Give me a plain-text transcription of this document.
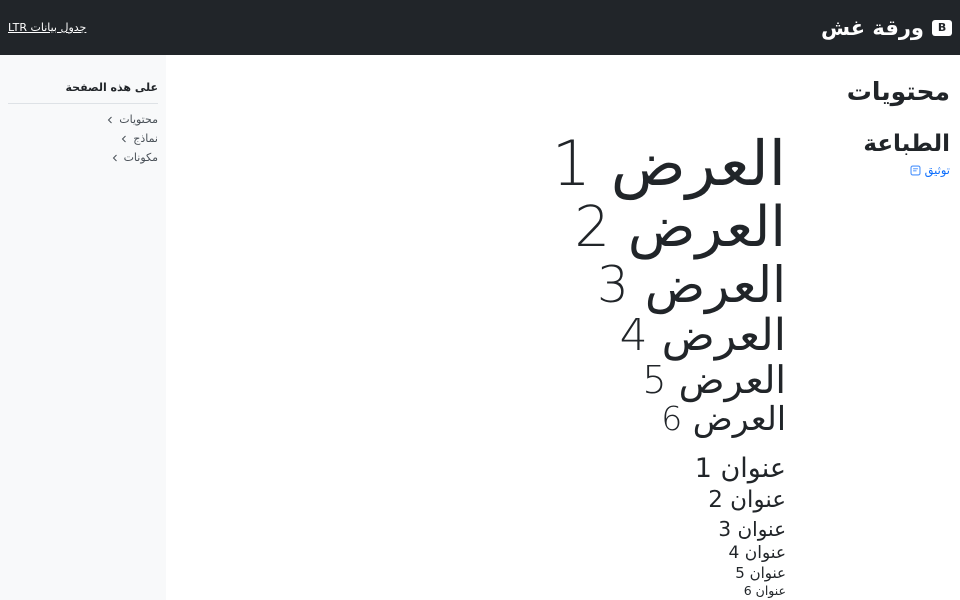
B
ورقة غش
جدول بيانات LTR
على هذه الصفحة
محتويات
نماذج
مكونات
محتويات
الطباعة
توثيق

العرض 1

العرض 2

العرض 3

العرض 4

العرض 5

العرض 6

عنوان 1
عنوان 2
عنوان 3
عنوان 4
عنوان 5
عنوان 6
